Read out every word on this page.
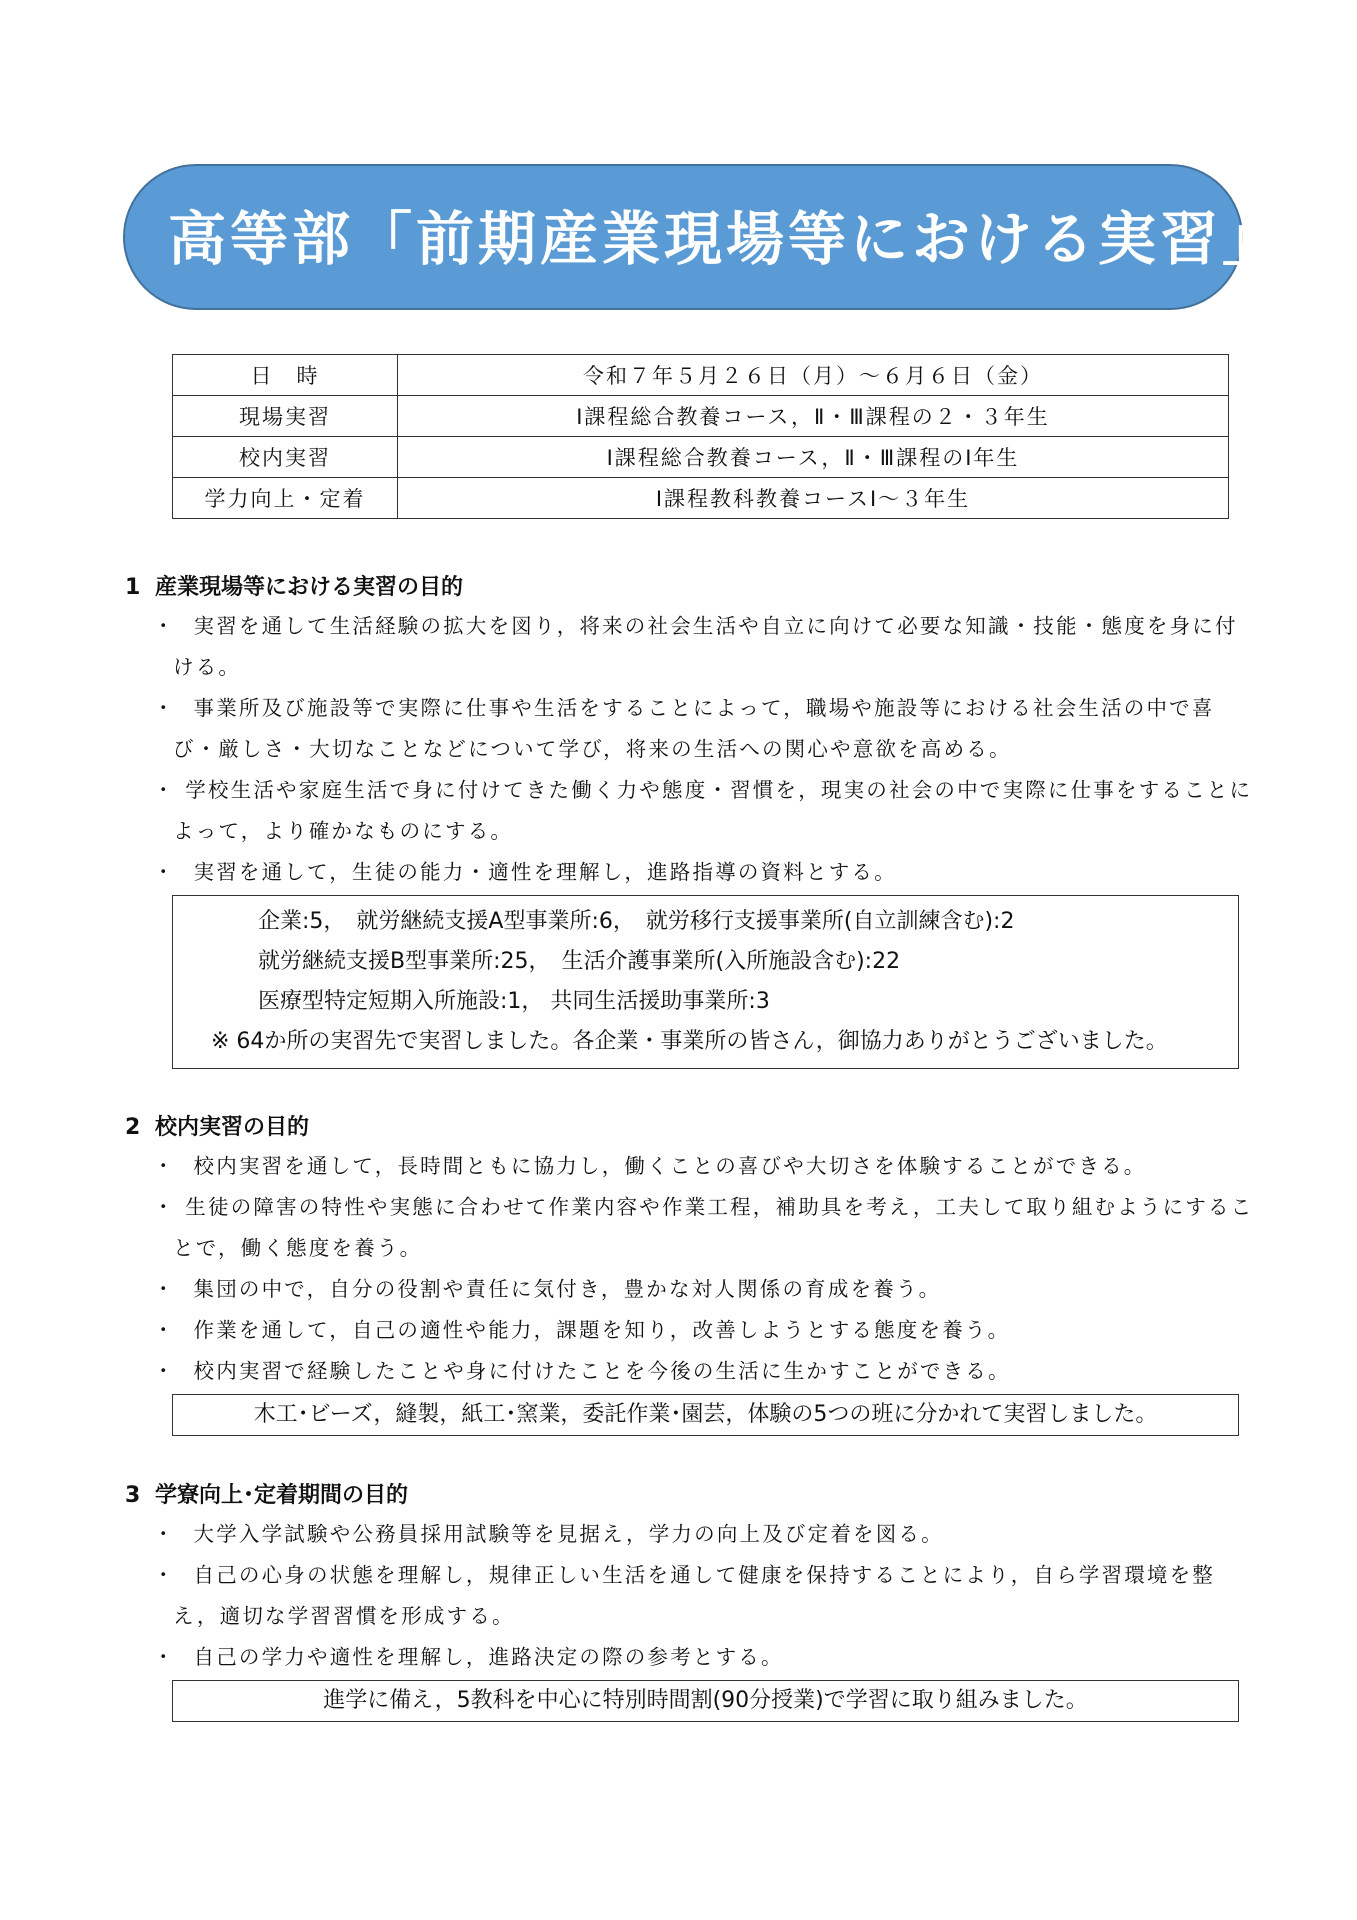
高等部「前期産業現場等における実習」
日　時	令和７年５月２６日（月）～６月６日（金）
現場実習	Ⅰ課程総合教養コース，Ⅱ・Ⅲ課程の２・３年生
校内実習	Ⅰ課程総合教養コース，Ⅱ・Ⅲ課程のⅠ年生
学力向上・定着	Ⅰ課程教科教養コースⅠ～３年生
1 産業現場等における実習の目的
・ 実習を通して生活経験の拡大を図り，将来の社会生活や自立に向けて必要な知識・技能・態度を身に付ける。
・ 事業所及び施設等で実際に仕事や生活をすることによって，職場や施設等における社会生活の中で喜び・厳しさ・大切なことなどについて学び，将来の生活への関心や意欲を高める。
・ 学校生活や家庭生活で身に付けてきた働く力や態度・習慣を，現実の社会の中で実際に仕事をすることによって，より確かなものにする。
・ 実習を通して，生徒の能力・適性を理解し，進路指導の資料とする。
企業:5，　就労継続支援A型事業所:6，　就労移行支援事業所(自立訓練含む):2
就労継続支援B型事業所:25，　生活介護事業所(入所施設含む):22
医療型特定短期入所施設:1， 共同生活援助事業所:3
※ 64か所の実習先で実習しました。各企業・事業所の皆さん，御協力ありがとうございました。
2 校内実習の目的
・ 校内実習を通して，長時間ともに協力し，働くことの喜びや大切さを体験することができる。
・ 生徒の障害の特性や実態に合わせて作業内容や作業工程，補助具を考え，工夫して取り組むようにすることで，働く態度を養う。
・ 集団の中で，自分の役割や責任に気付き，豊かな対人関係の育成を養う。
・ 作業を通して，自己の適性や能力，課題を知り，改善しようとする態度を養う。
・ 校内実習で経験したことや身に付けたことを今後の生活に生かすことができる。
木工･ビーズ，縫製，紙工･窯業，委託作業･園芸，体験の5つの班に分かれて実習しました。
3 学寮向上･定着期間の目的
・ 大学入学試験や公務員採用試験等を見据え，学力の向上及び定着を図る。
・ 自己の心身の状態を理解し，規律正しい生活を通して健康を保持することにより，自ら学習環境を整え，適切な学習習慣を形成する。
・ 自己の学力や適性を理解し，進路決定の際の参考とする。
進学に備え，5教科を中心に特別時間割(90分授業)で学習に取り組みました。
